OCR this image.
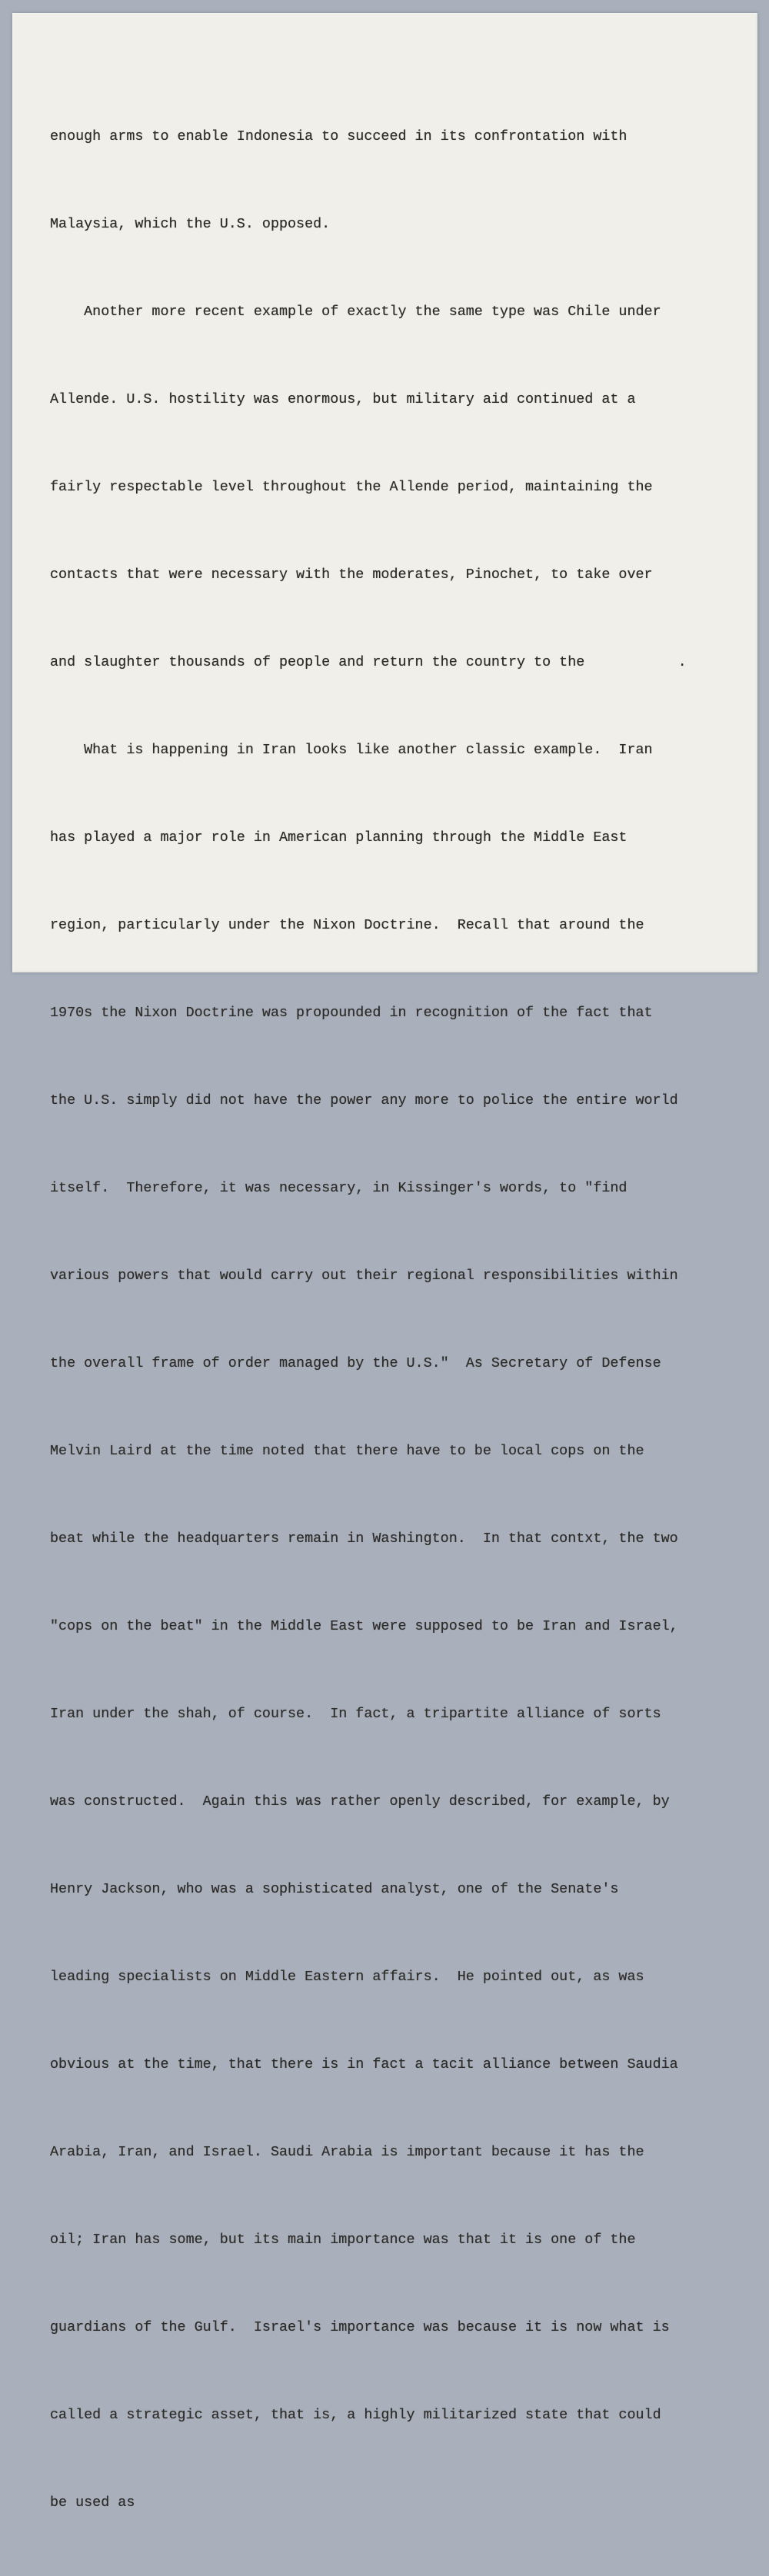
enough arms to enable Indonesia to succeed in its confrontation with

Malaysia, which the U.S. opposed.

Another more recent example of exactly the same type was Chile under

Allende. U.S. hostility was enormous, but military aid continued at a

fairly respectable level throughout the Allende period, maintaining the

contacts that were necessary with the moderates, Pinochet, to take over

and slaughter thousands of people and return the country to the           .

What is happening in Iran looks like another classic example.  Iran

has played a major role in American planning through the Middle East

region, particularly under the Nixon Doctrine.  Recall that around the

1970s the Nixon Doctrine was propounded in recognition of the fact that

the U.S. simply did not have the power any more to police the entire world

itself.  Therefore, it was necessary, in Kissinger's words, to "find

various powers that would carry out their regional responsibilities within

the overall frame of order managed by the U.S."  As Secretary of Defense

Melvin Laird at the time noted that there have to be local cops on the

beat while the headquarters remain in Washington.  In that contxt, the two

"cops on the beat" in the Middle East were supposed to be Iran and Israel,

Iran under the shah, of course.  In fact, a tripartite alliance of sorts

was constructed.  Again this was rather openly described, for example, by

Henry Jackson, who was a sophisticated analyst, one of the Senate's

leading specialists on Middle Eastern affairs.  He pointed out, as was

obvious at the time, that there is in fact a tacit alliance between Saudia

Arabia, Iran, and Israel. Saudi Arabia is important because it has the

oil; Iran has some, but its main importance was that it is one of the

guardians of the Gulf.  Israel's importance was because it is now what is

called a strategic asset, that is, a highly militarized state that could

be used as
